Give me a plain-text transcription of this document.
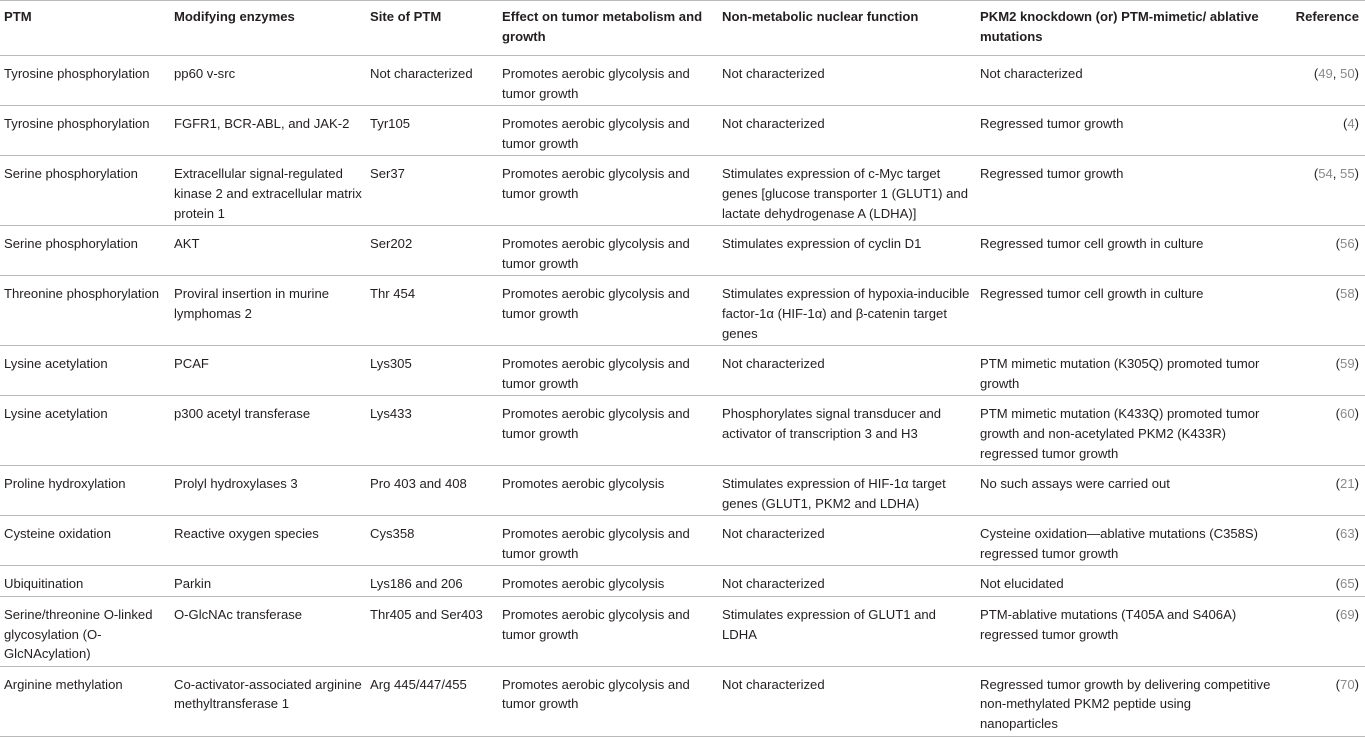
PTM	Modifying enzymes	Site of PTM	Effect on tumor metabolism and growth	Non-metabolic nuclear function	PKM2 knockdown (or) PTM-mimetic/ ablative mutations	Reference
Tyrosine phosphorylation	pp60 v-src	Not characterized	Promotes aerobic glycolysis and tumor growth	Not characterized	Not characterized	(49, 50)
Tyrosine phosphorylation	FGFR1, BCR-ABL, and JAK-2	Tyr105	Promotes aerobic glycolysis and tumor growth	Not characterized	Regressed tumor growth	(4)
Serine phosphorylation	Extracellular signal-regulated kinase 2 and extracellular matrix protein 1	Ser37	Promotes aerobic glycolysis and tumor growth	Stimulates expression of c-Myc target genes [glucose transporter 1 (GLUT1) and lactate dehydrogenase A (LDHA)]	Regressed tumor growth	(54, 55)
Serine phosphorylation	AKT	Ser202	Promotes aerobic glycolysis and tumor growth	Stimulates expression of cyclin D1	Regressed tumor cell growth in culture	(56)
Threonine phosphorylation	Proviral insertion in murine lymphomas 2	Thr 454	Promotes aerobic glycolysis and tumor growth	Stimulates expression of hypoxia-inducible factor-1α (HIF-1α) and β-catenin target genes	Regressed tumor cell growth in culture	(58)
Lysine acetylation	PCAF	Lys305	Promotes aerobic glycolysis and tumor growth	Not characterized	PTM mimetic mutation (K305Q) promoted tumor growth	(59)
Lysine acetylation	p300 acetyl transferase	Lys433	Promotes aerobic glycolysis and tumor growth	Phosphorylates signal transducer and activator of transcription 3 and H3	PTM mimetic mutation (K433Q) promoted tumor growth and non-acetylated PKM2 (K433R) regressed tumor growth	(60)
Proline hydroxylation	Prolyl hydroxylases 3	Pro 403 and 408	Promotes aerobic glycolysis	Stimulates expression of HIF-1α target genes (GLUT1, PKM2 and LDHA)	No such assays were carried out	(21)
Cysteine oxidation	Reactive oxygen species	Cys358	Promotes aerobic glycolysis and tumor growth	Not characterized	Cysteine oxidation—ablative mutations (C358S) regressed tumor growth	(63)
Ubiquitination	Parkin	Lys186 and 206	Promotes aerobic glycolysis	Not characterized	Not elucidated	(65)
Serine/threonine O-linked glycosylation (O-GlcNAcylation)	O-GlcNAc transferase	Thr405 and Ser403	Promotes aerobic glycolysis and tumor growth	Stimulates expression of GLUT1 and LDHA	PTM-ablative mutations (T405A and S406A) regressed tumor growth	(69)
Arginine methylation	Co-activator-associated arginine methyltransferase 1	Arg 445/447/455	Promotes aerobic glycolysis and tumor growth	Not characterized	Regressed tumor growth by delivering competitive non-methylated PKM2 peptide using nanoparticles	(70)
